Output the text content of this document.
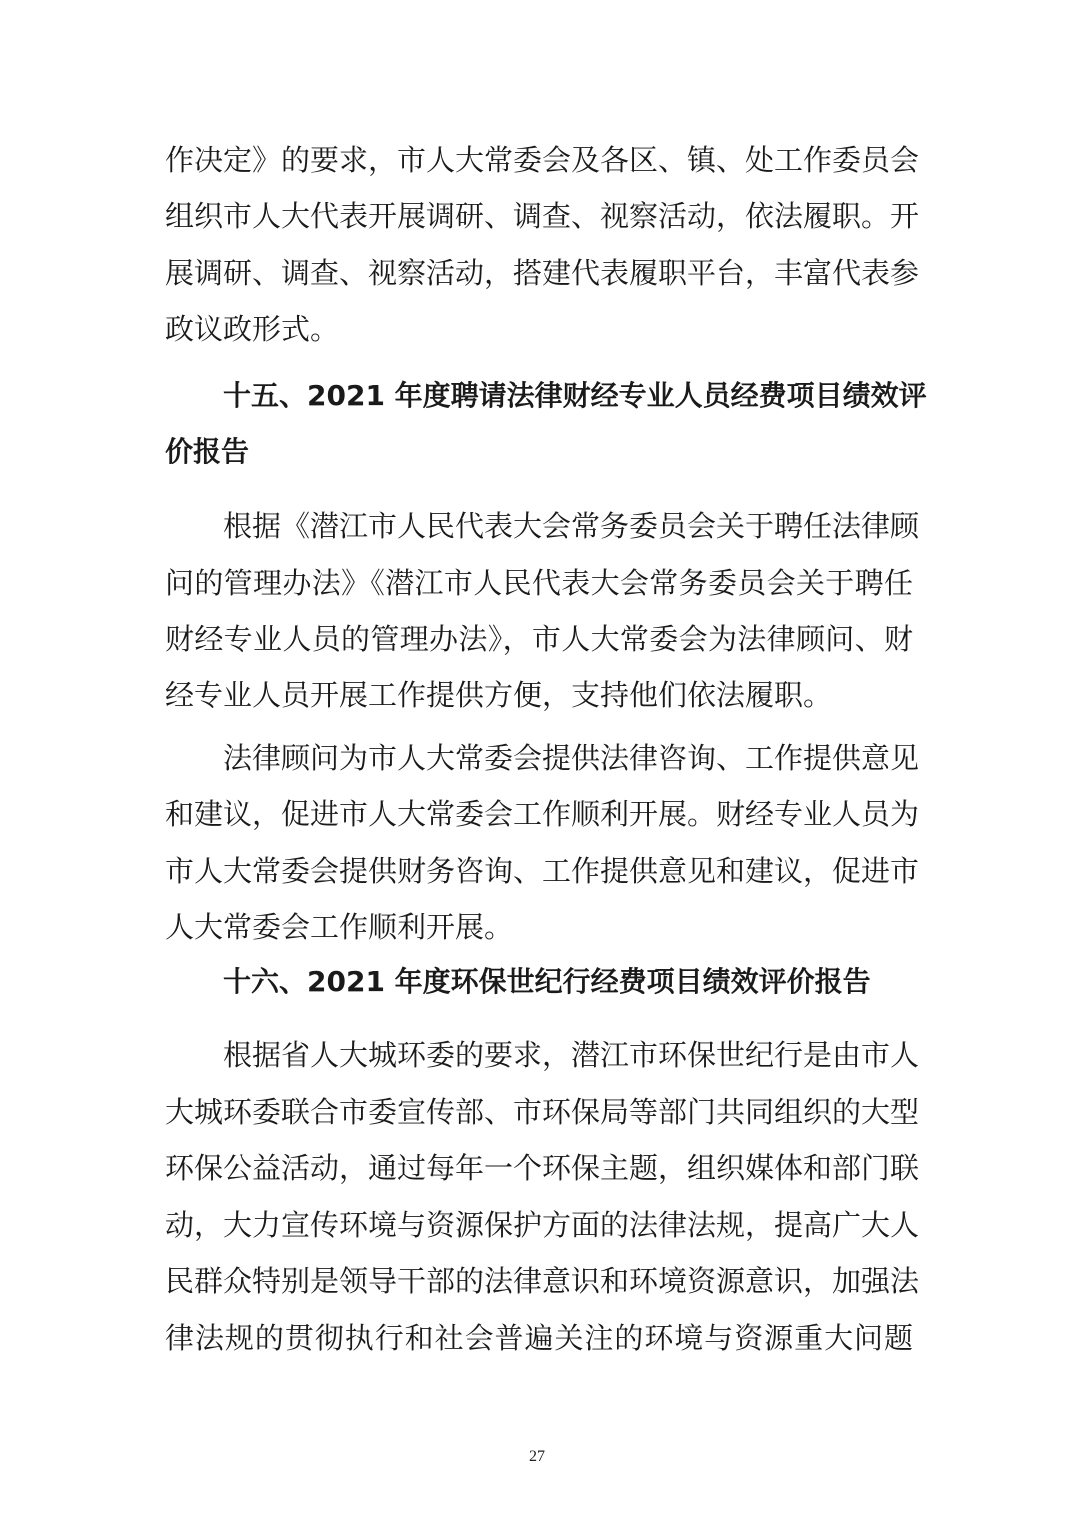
作决定》的要求，市人大常委会及各区、镇、处工作委员会
组织市人大代表开展调研、调查、视察活动，依法履职。开
展调研、调查、视察活动，搭建代表履职平台，丰富代表参
政议政形式。
十五、2021 年度聘请法律财经专业人员经费项目绩效评
价报告
根据《潜江市人民代表大会常务委员会关于聘任法律顾
问的管理办法》《潜江市人民代表大会常务委员会关于聘任
财经专业人员的管理办法》，市人大常委会为法律顾问、财
经专业人员开展工作提供方便，支持他们依法履职。
法律顾问为市人大常委会提供法律咨询、工作提供意见
和建议，促进市人大常委会工作顺利开展。财经专业人员为
市人大常委会提供财务咨询、工作提供意见和建议，促进市
人大常委会工作顺利开展。
十六、2021 年度环保世纪行经费项目绩效评价报告
根据省人大城环委的要求，潜江市环保世纪行是由市人
大城环委联合市委宣传部、市环保局等部门共同组织的大型
环保公益活动，通过每年一个环保主题，组织媒体和部门联
动，大力宣传环境与资源保护方面的法律法规，提高广大人
民群众特别是领导干部的法律意识和环境资源意识，加强法
律法规的贯彻执行和社会普遍关注的环境与资源重大问题
27
